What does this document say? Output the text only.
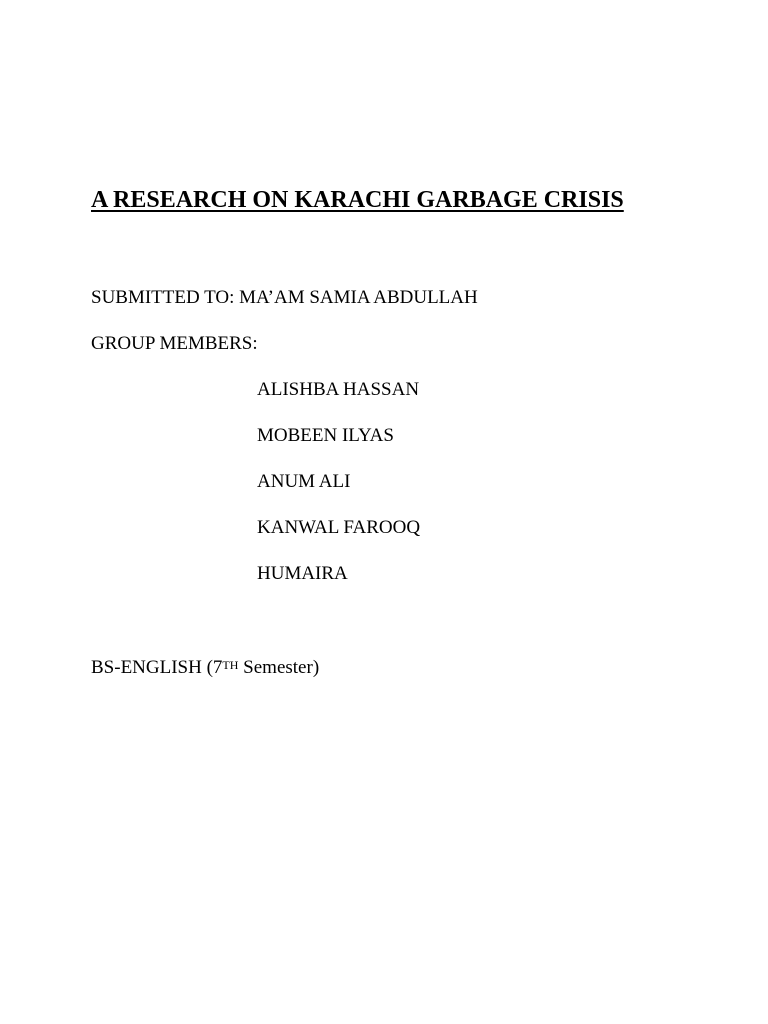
A RESEARCH ON KARACHI GARBAGE CRISIS

SUBMITTED TO: MA’AM SAMIA ABDULLAH

GROUP MEMBERS:

ALISHBA HASSAN
MOBEEN ILYAS
ANUM ALI
KANWAL FAROOQ
HUMAIRA

BS-ENGLISH (7TH Semester)
